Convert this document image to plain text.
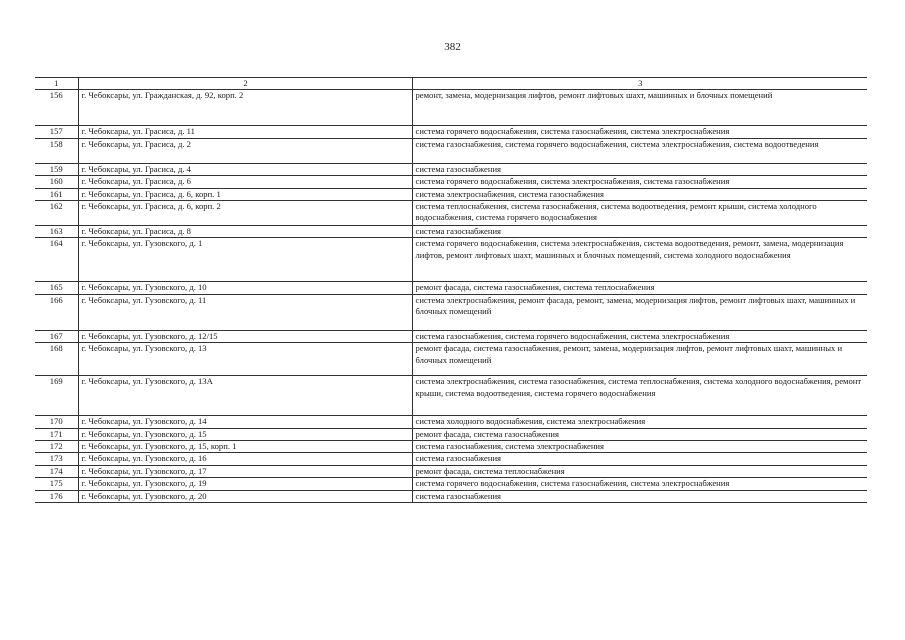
382
1	2	3
156	г. Чебоксары, ул. Гражданская, д. 92, корп. 2	ремонт, замена, модернизация лифтов, ремонт лифтовых шахт, машинных и блочных помещений
157	г. Чебоксары, ул. Грасиса, д. 11	система горячего водоснабжения, система газоснабжения, система электроснабжения
158	г. Чебоксары, ул. Грасиса, д. 2	система газоснабжения, система горячего водоснабжения, система электроснабжения, система водоотведения
159	г. Чебоксары, ул. Грасиса, д. 4	система газоснабжения
160	г. Чебоксары, ул. Грасиса, д. 6	система горячего водоснабжения, система электроснабжения, система газоснабжения
161	г. Чебоксары, ул. Грасиса, д. 6, корп. 1	система электроснабжения, система газоснабжения
162	г. Чебоксары, ул. Грасиса, д. 6, корп. 2	система теплоснабжения, система газоснабжения, система водоотведения, ремонт крыши, система холодного водоснабжения, система горячего водоснабжения
163	г. Чебоксары, ул. Грасиса, д. 8	система газоснабжения
164	г. Чебоксары, ул. Гузовского, д. 1	система горячего водоснабжения, система электроснабжения, система водоотведения, ремонт, замена, модернизация лифтов, ремонт лифтовых шахт, машинных и блочных помещений, система холодного водоснабжения
165	г. Чебоксары, ул. Гузовского, д. 10	ремонт фасада, система газоснабжения, система теплоснабжения
166	г. Чебоксары, ул. Гузовского, д. 11	система электроснабжения, ремонт фасада, ремонт, замена, модернизация лифтов, ремонт лифтовых шахт, машинных и блочных помещений
167	г. Чебоксары, ул. Гузовского, д. 12/15	система газоснабжения, система горячего водоснабжения, система электроснабжения
168	г. Чебоксары, ул. Гузовского, д. 13	ремонт фасада, система газоснабжения, ремонт, замена, модернизация лифтов, ремонт лифтовых шахт, машинных и блочных помещений
169	г. Чебоксары, ул. Гузовского, д. 13А	система электроснабжения, система газоснабжения, система теплоснабжения, система холодного водоснабжения, ремонт крыши, система водоотведения, система горячего водоснабжения
170	г. Чебоксары, ул. Гузовского, д. 14	система холодного водоснабжения, система электроснабжения
171	г. Чебоксары, ул. Гузовского, д. 15	ремонт фасада, система газоснабжения
172	г. Чебоксары, ул. Гузовского, д. 15, корп. 1	система газоснабжения, система электроснабжения
173	г. Чебоксары, ул. Гузовского, д. 16	система газоснабжения
174	г. Чебоксары, ул. Гузовского, д. 17	ремонт фасада, система теплоснабжения
175	г. Чебоксары, ул. Гузовского, д. 19	система горячего водоснабжения, система газоснабжения, система электроснабжения
176	г. Чебоксары, ул. Гузовского, д. 20	система газоснабжения
